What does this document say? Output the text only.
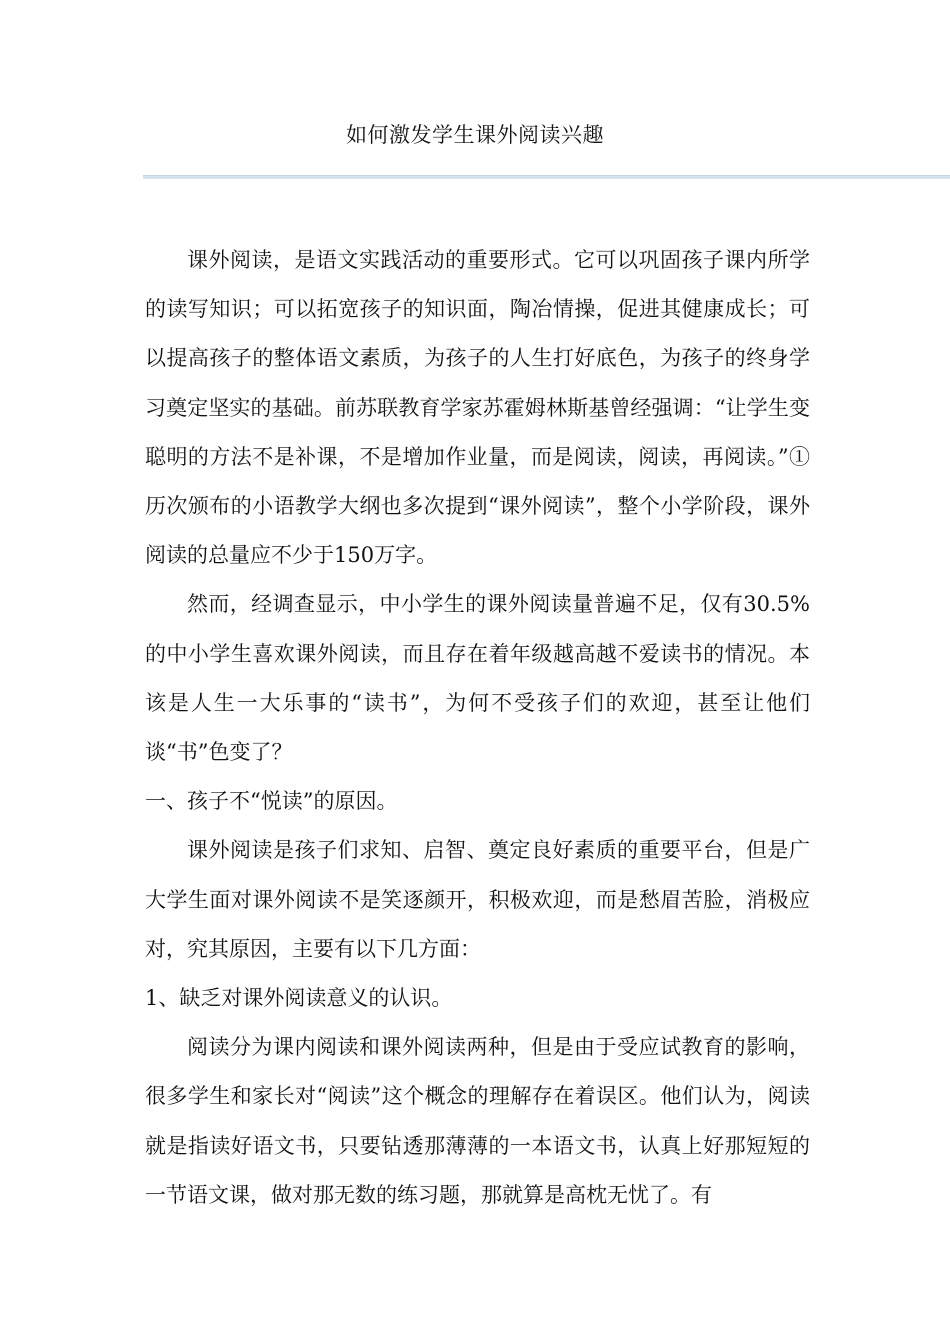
如何激发学生课外阅读兴趣

课外阅读，是语文实践活动的重要形式。它可以巩固孩子课内所学的读写知识；可以拓宽孩子的知识面，陶冶情操，促进其健康成长；可以提高孩子的整体语文素质，为孩子的人生打好底色，为孩子的终身学习奠定坚实的基础。前苏联教育学家苏霍姆林斯基曾经强调：“让学生变聪明的方法不是补课，不是增加作业量，而是阅读，阅读，再阅读。”①历次颁布的小语教学大纲也多次提到“课外阅读”，整个小学阶段，课外阅读的总量应不少于150万字。

然而，经调查显示，中小学生的课外阅读量普遍不足，仅有30.5%的中小学生喜欢课外阅读，而且存在着年级越高越不爱读书的情况。本该是人生一大乐事的“读书”，为何不受孩子们的欢迎，甚至让他们谈“书”色变了？

一、孩子不“悦读”的原因。

课外阅读是孩子们求知、启智、奠定良好素质的重要平台，但是广大学生面对课外阅读不是笑逐颜开，积极欢迎，而是愁眉苦脸，消极应对，究其原因，主要有以下几方面：

1、缺乏对课外阅读意义的认识。

阅读分为课内阅读和课外阅读两种，但是由于受应试教育的影响，很多学生和家长对“阅读”这个概念的理解存在着误区。他们认为，阅读就是指读好语文书，只要钻透那薄薄的一本语文书，认真上好那短短的一节语文课，做对那无数的练习题，那就算是高枕无忧了。有
